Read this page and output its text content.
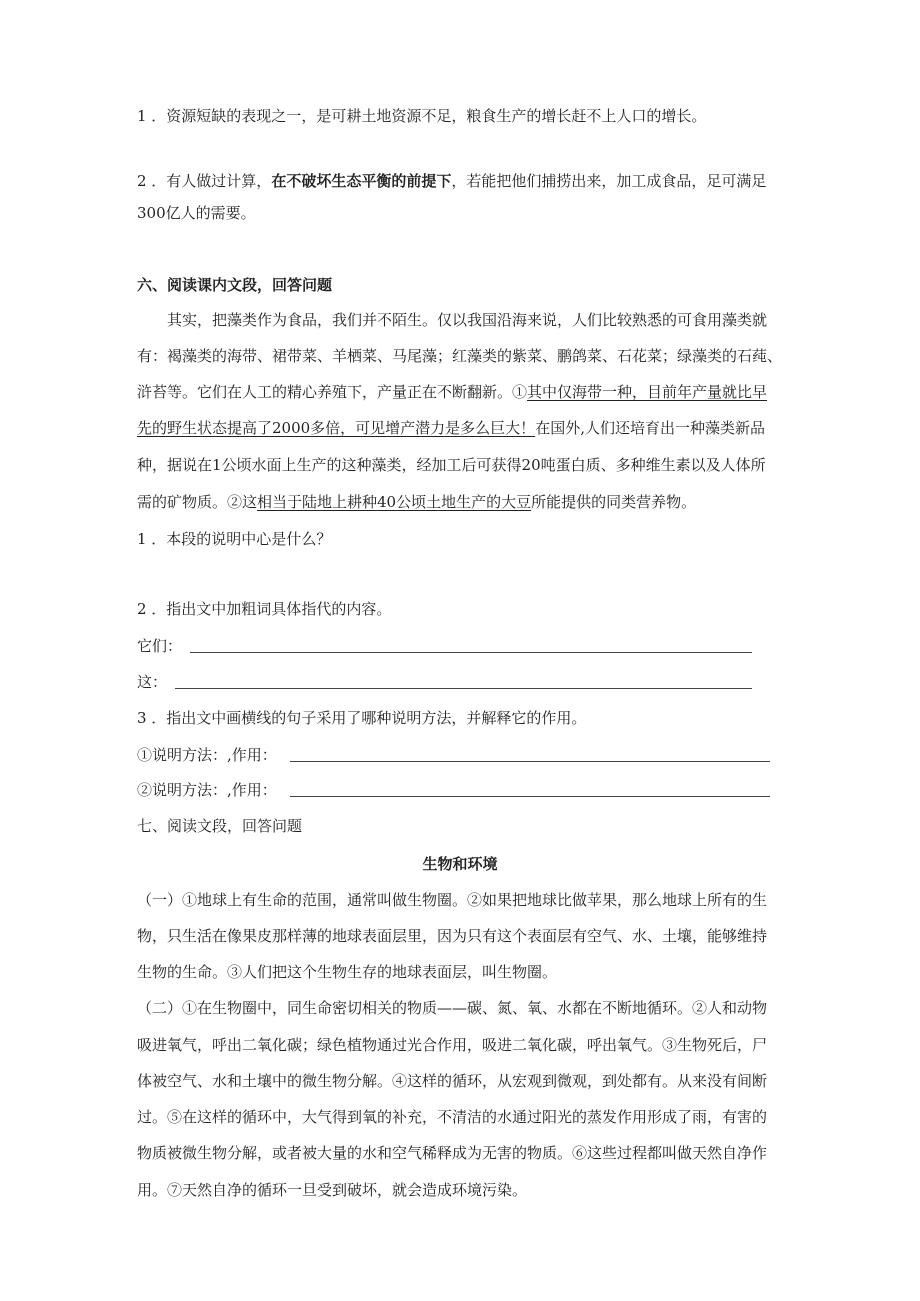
1 ．资源短缺的表现之一，是可耕土地资源不足，粮食生产的增长赶不上人口的增长。
2 ．有人做过计算，在不破坏生态平衡的前提下，若能把他们捕捞出来，加工成食品，足可满足
300亿人的需要。
六、阅读课内文段，回答问题
其实，把藻类作为食品，我们并不陌生。仅以我国沿海来说，人们比较熟悉的可食用藻类就
有：褐藻类的海带、裙带菜、羊栖菜、马尾藻；红藻类的紫菜、鹏鸽菜、石花菜；绿藻类的石莼、
浒苔等。它们在人工的精心养殖下，产量正在不断翻新。①其中仅海带一种，目前年产量就比早
先的野生状态提高了2000多倍，可见增产潜力是多么巨大！在国外,人们还培育出一种藻类新品
种，据说在1公顷水面上生产的这种藻类，经加工后可获得20吨蛋白质、多种维生素以及人体所
需的矿物质。②这相当于陆地上耕种40公顷土地生产的大豆所能提供的同类营养物。
1 ．本段的说明中心是什么？
2 ．指出文中加粗词具体指代的内容。
它们：
这：
3 ．指出文中画横线的句子采用了哪种说明方法，并解释它的作用。
①说明方法：,作用：
②说明方法：,作用：
七、阅读文段，回答问题
生物和环境
（一）①地球上有生命的范围，通常叫做生物圈。②如果把地球比做苹果，那么地球上所有的生
物，只生活在像果皮那样薄的地球表面层里，因为只有这个表面层有空气、水、土壤，能够维持
生物的生命。③人们把这个生物生存的地球表面层，叫生物圈。
（二）①在生物圈中，同生命密切相关的物质——碳、氮、氧、水都在不断地循环。②人和动物
吸进氧气，呼出二氧化碳；绿色植物通过光合作用，吸进二氧化碳，呼出氧气。③生物死后，尸
体被空气、水和土壤中的微生物分解。④这样的循环，从宏观到微观，到处都有。从来没有间断
过。⑤在这样的循环中，大气得到氧的补充，不清洁的水通过阳光的蒸发作用形成了雨，有害的
物质被微生物分解，或者被大量的水和空气稀释成为无害的物质。⑥这些过程都叫做天然自净作
用。⑦天然自净的循环一旦受到破坏，就会造成环境污染。
